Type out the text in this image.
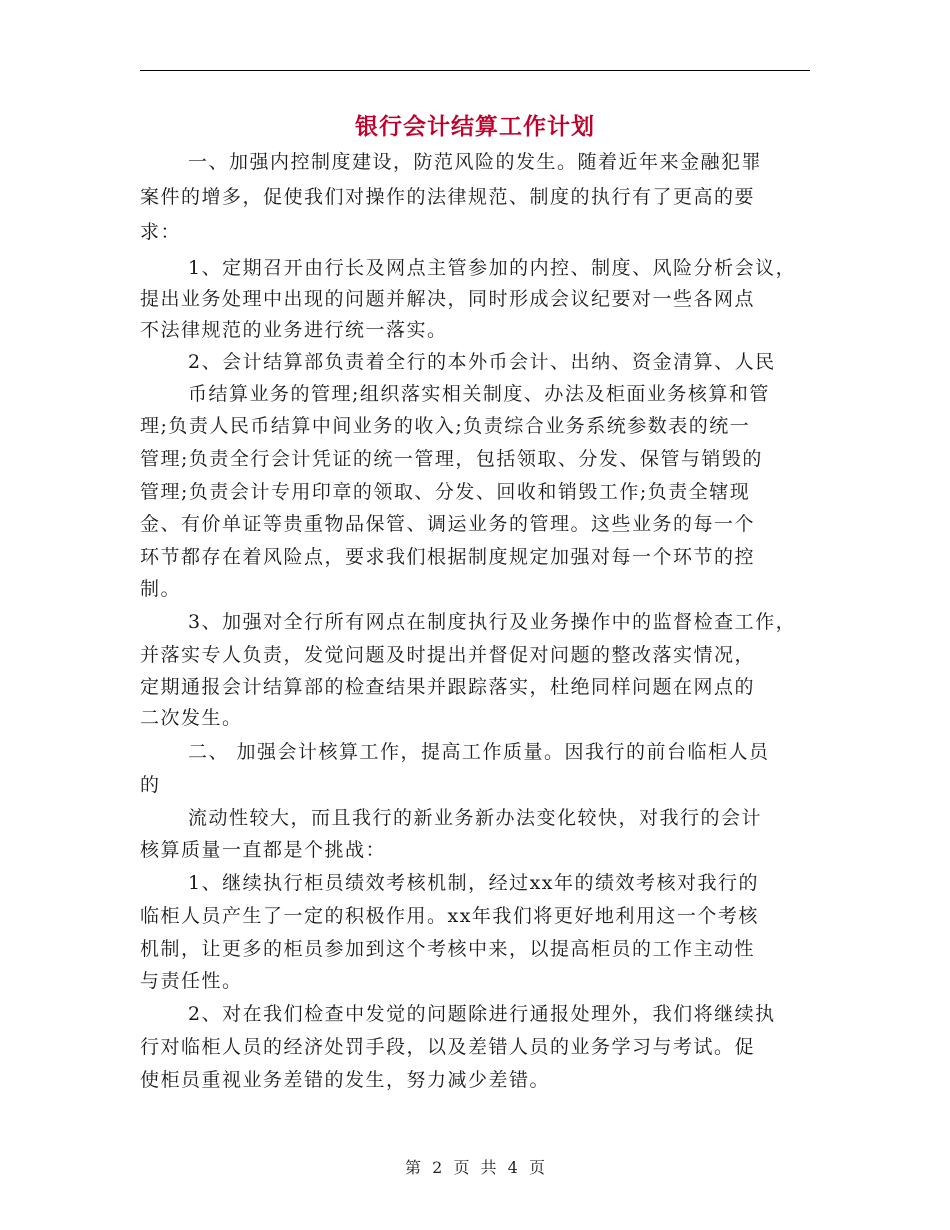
银行会计结算工作计划
一、加强内控制度建设，防范风险的发生。随着近年来金融犯罪
案件的增多，促使我们对操作的法律规范、制度的执行有了更高的要
求：
1、定期召开由行长及网点主管参加的内控、制度、风险分析会议，
提出业务处理中出现的问题并解决，同时形成会议纪要对一些各网点
不法律规范的业务进行统一落实。
2、会计结算部负责着全行的本外币会计、出纳、资金清算、人民
币结算业务的管理;组织落实相关制度、办法及柜面业务核算和管
理;负责人民币结算中间业务的收入;负责综合业务系统参数表的统一
管理;负责全行会计凭证的统一管理，包括领取、分发、保管与销毁的
管理;负责会计专用印章的领取、分发、回收和销毁工作;负责全辖现
金、有价单证等贵重物品保管、调运业务的管理。这些业务的每一个
环节都存在着风险点，要求我们根据制度规定加强对每一个环节的控
制。
3、加强对全行所有网点在制度执行及业务操作中的监督检查工作，
并落实专人负责，发觉问题及时提出并督促对问题的整改落实情况，
定期通报会计结算部的检查结果并跟踪落实，杜绝同样问题在网点的
二次发生。
二、 加强会计核算工作，提高工作质量。因我行的前台临柜人员
的
流动性较大，而且我行的新业务新办法变化较快，对我行的会计
核算质量一直都是个挑战：
1、继续执行柜员绩效考核机制，经过xx年的绩效考核对我行的
临柜人员产生了一定的积极作用。xx年我们将更好地利用这一个考核
机制，让更多的柜员参加到这个考核中来，以提高柜员的工作主动性
与责任性。
2、对在我们检查中发觉的问题除进行通报处理外，我们将继续执
行对临柜人员的经济处罚手段，以及差错人员的业务学习与考试。促
使柜员重视业务差错的发生，努力减少差错。
第 2 页 共 4 页
